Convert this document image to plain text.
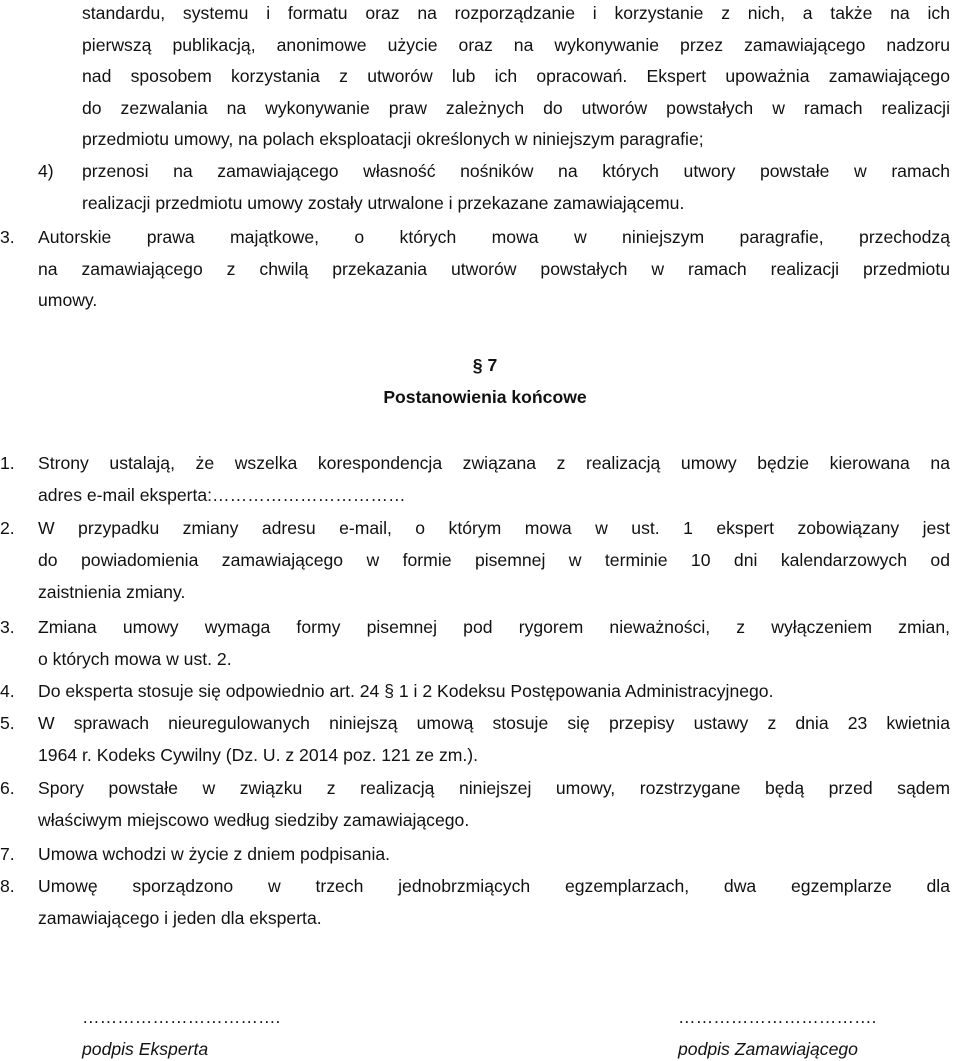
standardu, systemu i formatu oraz na rozporządzanie i korzystanie z nich, a także na ich
pierwszą publikacją, anonimowe użycie oraz na wykonywanie przez zamawiającego nadzoru
nad sposobem korzystania z utworów lub ich opracowań. Ekspert upoważnia zamawiającego
do zezwalania na wykonywanie praw zależnych do utworów powstałych w ramach realizacji
przedmiotu umowy, na polach eksploatacji określonych w niniejszym paragrafie;
4) przenosi na zamawiającego własność nośników na których utwory powstałe w ramach
realizacji przedmiotu umowy zostały utrwalone i przekazane zamawiającemu.
3. Autorskie prawa majątkowe, o których mowa w niniejszym paragrafie, przechodzą
na zamawiającego z chwilą przekazania utworów powstałych w ramach realizacji przedmiotu
umowy.
§ 7
Postanowienia końcowe
1. Strony ustalają, że wszelka korespondencja związana z realizacją umowy będzie kierowana na
adres e-mail eksperta:……………………………
2. W przypadku zmiany adresu e-mail, o którym mowa w ust. 1 ekspert zobowiązany jest
do powiadomienia zamawiającego w formie pisemnej w terminie 10 dni kalendarzowych od
zaistnienia zmiany.
3. Zmiana umowy wymaga formy pisemnej pod rygorem nieważności, z wyłączeniem zmian,
o których mowa w ust. 2.
4. Do eksperta stosuje się odpowiednio art. 24 § 1 i 2 Kodeksu Postępowania Administracyjnego.
5. W sprawach nieuregulowanych niniejszą umową stosuje się przepisy ustawy z dnia 23 kwietnia
1964 r. Kodeks Cywilny (Dz. U. z 2014 poz. 121 ze zm.).
6. Spory powstałe w związku z realizacją niniejszej umowy, rozstrzygane będą przed sądem
właściwym miejscowo według siedziby zamawiającego.
7. Umowa wchodzi w życie z dniem podpisania.
8. Umowę sporządzono w trzech jednobrzmiących egzemplarzach, dwa egzemplarze dla
zamawiającego i jeden dla eksperta.
…………………………….
podpis Eksperta
…………………………….
podpis Zamawiającego
